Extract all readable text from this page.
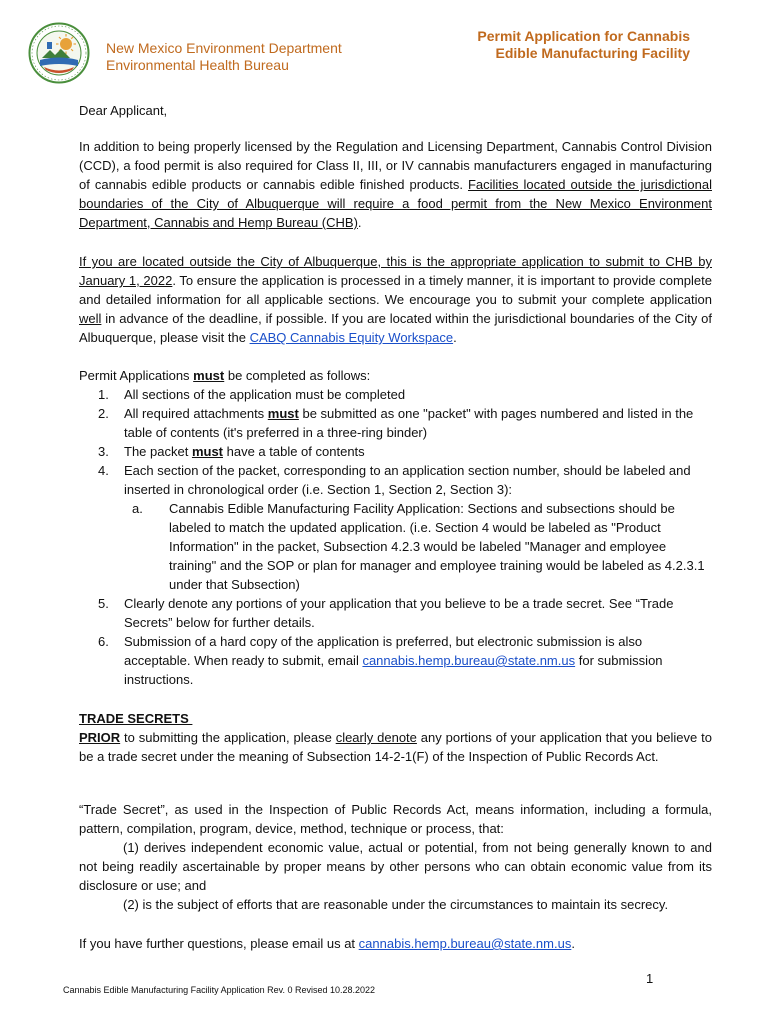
New Mexico Environment Department
Environmental Health Bureau
Permit Application for Cannabis
Edible Manufacturing Facility
Dear Applicant,
In addition to being properly licensed by the Regulation and Licensing Department, Cannabis Control Division (CCD), a food permit is also required for Class II, III, or IV cannabis manufacturers engaged in manufacturing of cannabis edible products or cannabis edible finished products. Facilities located outside the jurisdictional boundaries of the City of Albuquerque will require a food permit from the New Mexico Environment Department, Cannabis and Hemp Bureau (CHB).
If you are located outside the City of Albuquerque, this is the appropriate application to submit to CHB by January 1, 2022. To ensure the application is processed in a timely manner, it is important to provide complete and detailed information for all applicable sections. We encourage you to submit your complete application well in advance of the deadline, if possible. If you are located within the jurisdictional boundaries of the City of Albuquerque, please visit the CABQ Cannabis Equity Workspace.
Permit Applications must be completed as follows:
1. All sections of the application must be completed
2. All required attachments must be submitted as one "packet" with pages numbered and listed in the table of contents (it's preferred in a three-ring binder)
3. The packet must have a table of contents
4. Each section of the packet, corresponding to an application section number, should be labeled and inserted in chronological order (i.e. Section 1, Section 2, Section 3):
a. Cannabis Edible Manufacturing Facility Application: Sections and subsections should be labeled to match the updated application. (i.e. Section 4 would be labeled as "Product Information" in the packet, Subsection 4.2.3 would be labeled "Manager and employee training" and the SOP or plan for manager and employee training would be labeled as 4.2.3.1 under that Subsection)
5. Clearly denote any portions of your application that you believe to be a trade secret. See “Trade Secrets” below for further details.
6. Submission of a hard copy of the application is preferred, but electronic submission is also acceptable. When ready to submit, email cannabis.hemp.bureau@state.nm.us for submission instructions.
TRADE SECRETS
PRIOR to submitting the application, please clearly denote any portions of your application that you believe to be a trade secret under the meaning of Subsection 14-2-1(F) of the Inspection of Public Records Act.
“Trade Secret”, as used in the Inspection of Public Records Act, means information, including a formula, pattern, compilation, program, device, method, technique or process, that:
(1) derives independent economic value, actual or potential, from not being generally known to and not being readily ascertainable by proper means by other persons who can obtain economic value from its disclosure or use; and
(2) is the subject of efforts that are reasonable under the circumstances to maintain its secrecy.
If you have further questions, please email us at cannabis.hemp.bureau@state.nm.us.
1
Cannabis Edible Manufacturing Facility Application Rev. 0 Revised 10.28.2022
